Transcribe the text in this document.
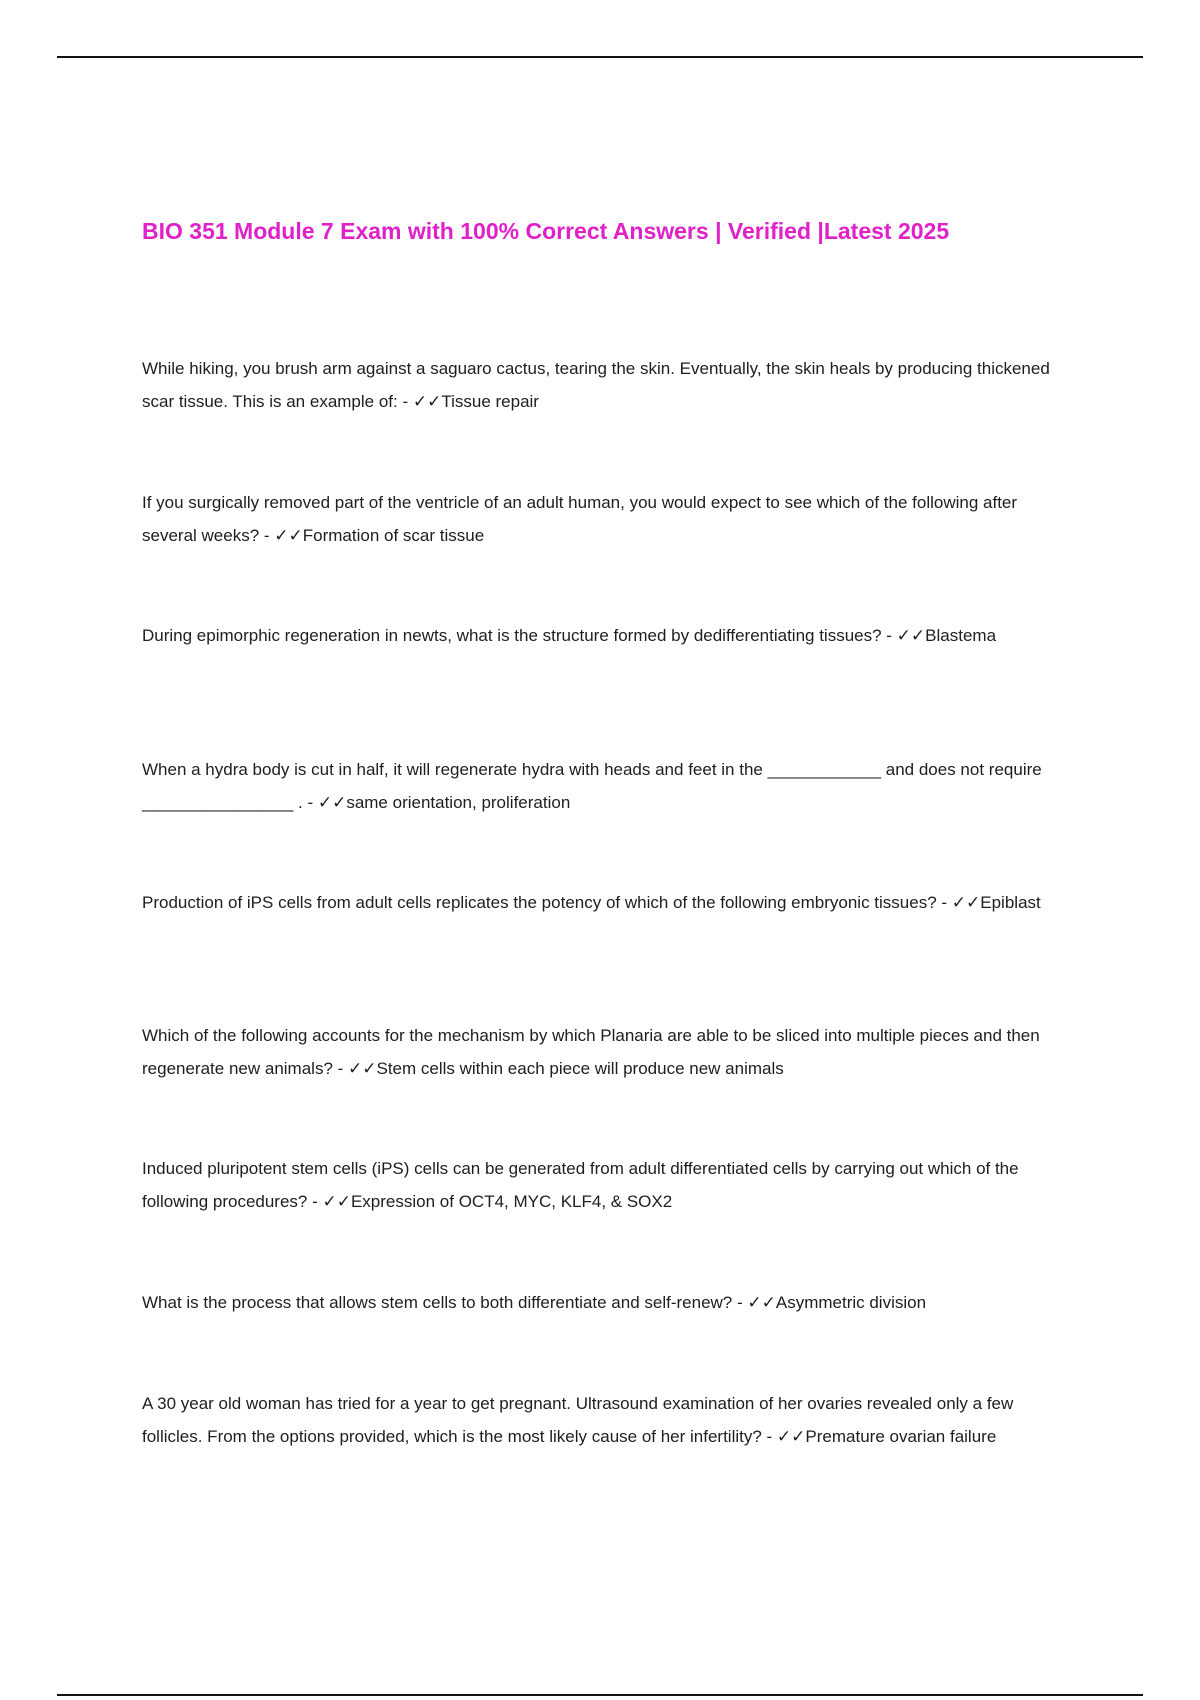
BIO 351 Module 7 Exam with 100% Correct Answers | Verified |Latest 2025

While hiking, you brush arm against a saguaro cactus, tearing the skin. Eventually, the skin heals by producing thickened scar tissue. This is an example of: - ✓✓Tissue repair

If you surgically removed part of the ventricle of an adult human, you would expect to see which of the following after several weeks? - ✓✓Formation of scar tissue

During epimorphic regeneration in newts, what is the structure formed by dedifferentiating tissues? - ✓✓Blastema

When a hydra body is cut in half, it will regenerate hydra with heads and feet in the ____________ and does not require ________________ . - ✓✓same orientation, proliferation

Production of iPS cells from adult cells replicates the potency of which of the following embryonic tissues? - ✓✓Epiblast

Which of the following accounts for the mechanism by which Planaria are able to be sliced into multiple pieces and then regenerate new animals? - ✓✓Stem cells within each piece will produce new animals

Induced pluripotent stem cells (iPS) cells can be generated from adult differentiated cells by carrying out which of the following procedures? - ✓✓Expression of OCT4, MYC, KLF4, & SOX2

What is the process that allows stem cells to both differentiate and self-renew? - ✓✓Asymmetric division

A 30 year old woman has tried for a year to get pregnant. Ultrasound examination of her ovaries revealed only a few follicles. From the options provided, which is the most likely cause of her infertility? - ✓✓Premature ovarian failure
